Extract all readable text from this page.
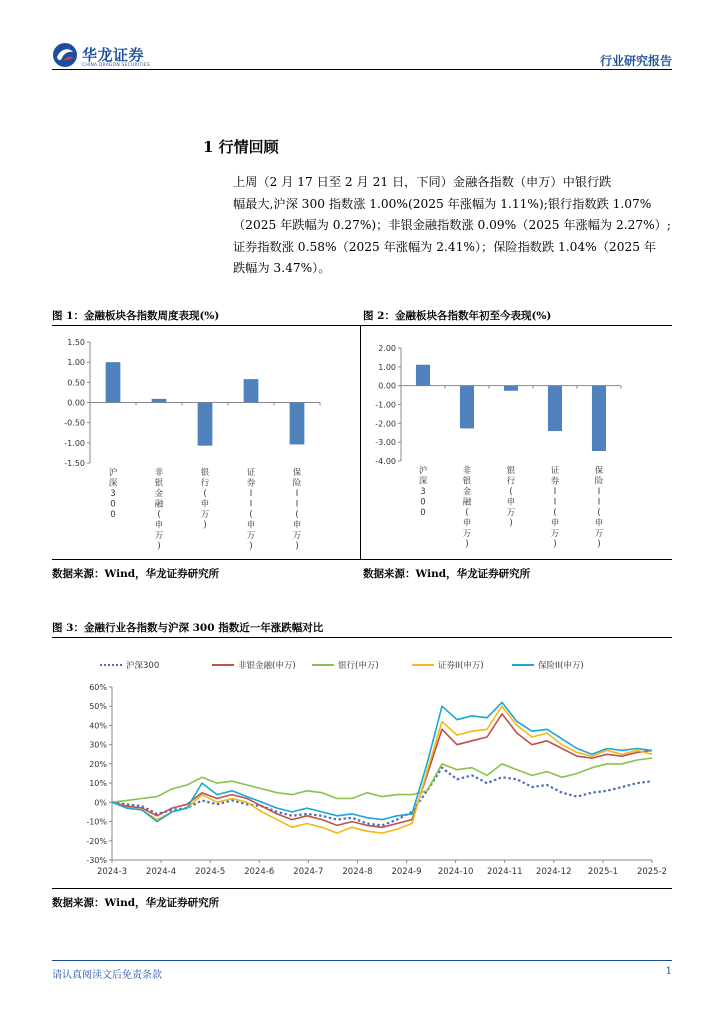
华龙证券
CHINA DRAGON SECURITIES	行业研究报告
1 行情回顾
上周（2 月 17 日至 2 月 21 日，下同）金融各指数（申万）中银行跌
幅最大,沪深 300 指数涨 1.00%(2025 年涨幅为 1.11%);银行指数跌 1.07%
（2025 年跌幅为 0.27%)；非银金融指数涨 0.09%（2025 年涨幅为 2.27%）;
证券指数涨 0.58%（2025 年涨幅为 2.41%）；保险指数跌 1.04%（2025 年
跌幅为 3.47%）。
图 1：金融板块各指数周度表现(%)	图 2：金融板块各指数年初至今表现(%)
1.50
1.00
0.50
0.00
-0.50
-1.00
-1.50
沪深 3 0 0
非银金融(申万)
银行(申万)
证券 I I (申万)
保险 I I (申万)
2.00
1.00
0.00
-1.00
-2.00
-3.00
-4.00
沪深 3 0 0
非银金融(申万)
银行(申万)
证券 I I (申万)
保险 I I (申万)
数据来源：Wind，华龙证券研究所	数据来源：Wind，华龙证券研究所
图 3：金融行业各指数与沪深 300 指数近一年涨跌幅对比
沪深300	非银金融(申万)	银行(申万)	证券II(申万)	保险II(申万)
60%
50%
40%
30%
20%
10%
0%
-10%
-20%
-30%
2024-3 2024-4 2024-5 2024-6 2024-7 2024-8 2024-9 2024-10 2024-11 2024-12 2025-1 2025-2
数据来源：Wind，华龙证券研究所
请认真阅读文后免责条款	1
